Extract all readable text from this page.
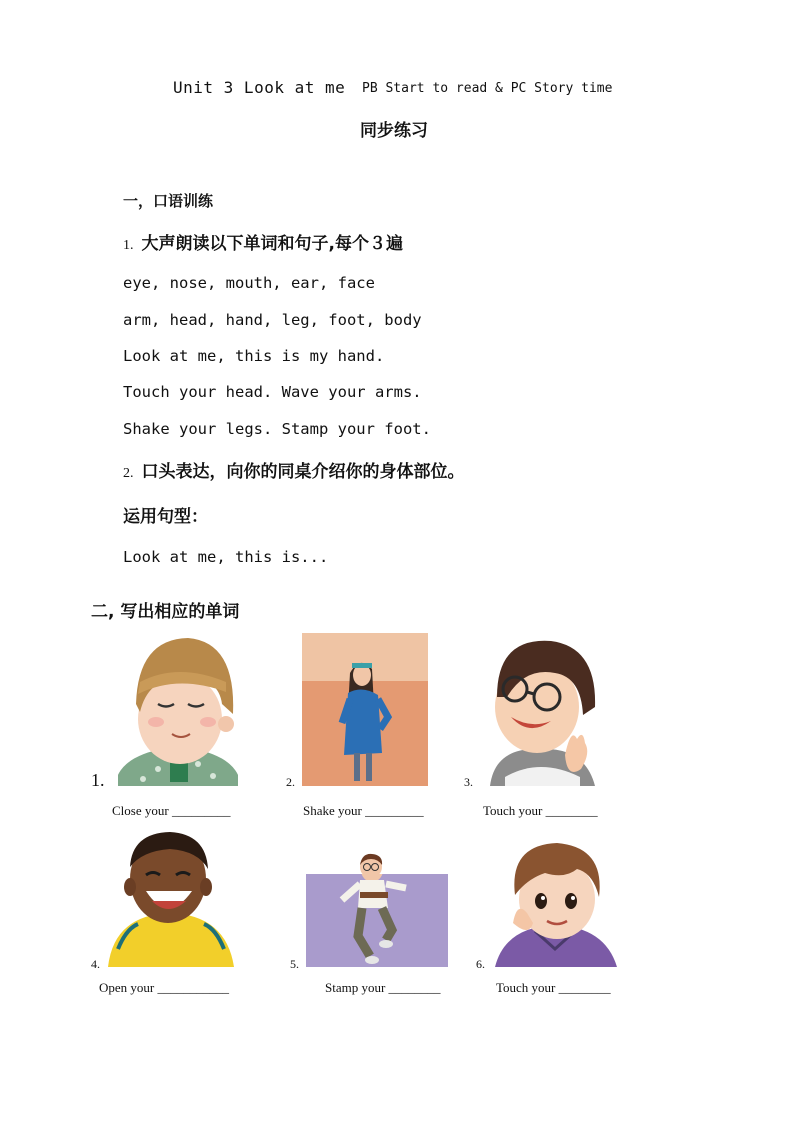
Unit 3 Look at me PB Start to read & PC Story time
同步练习
一，口语训练
1. 大声朗读以下单词和句子,每个３遍
eye, nose, mouth, ear, face
arm, head, hand, leg, foot, body
Look at me, this is my hand.
Touch your head. Wave your arms.
Shake your legs. Stamp your foot.
2. 口头表达，向你的同桌介绍你的身体部位。
运用句型：
Look at me, this is...
二, 写出相应的单词
1.
Close your _________
2.
Shake your _________
3.
Touch your ________
4.
Open your ___________
5.
Stamp your ________
6.
Touch your ________
